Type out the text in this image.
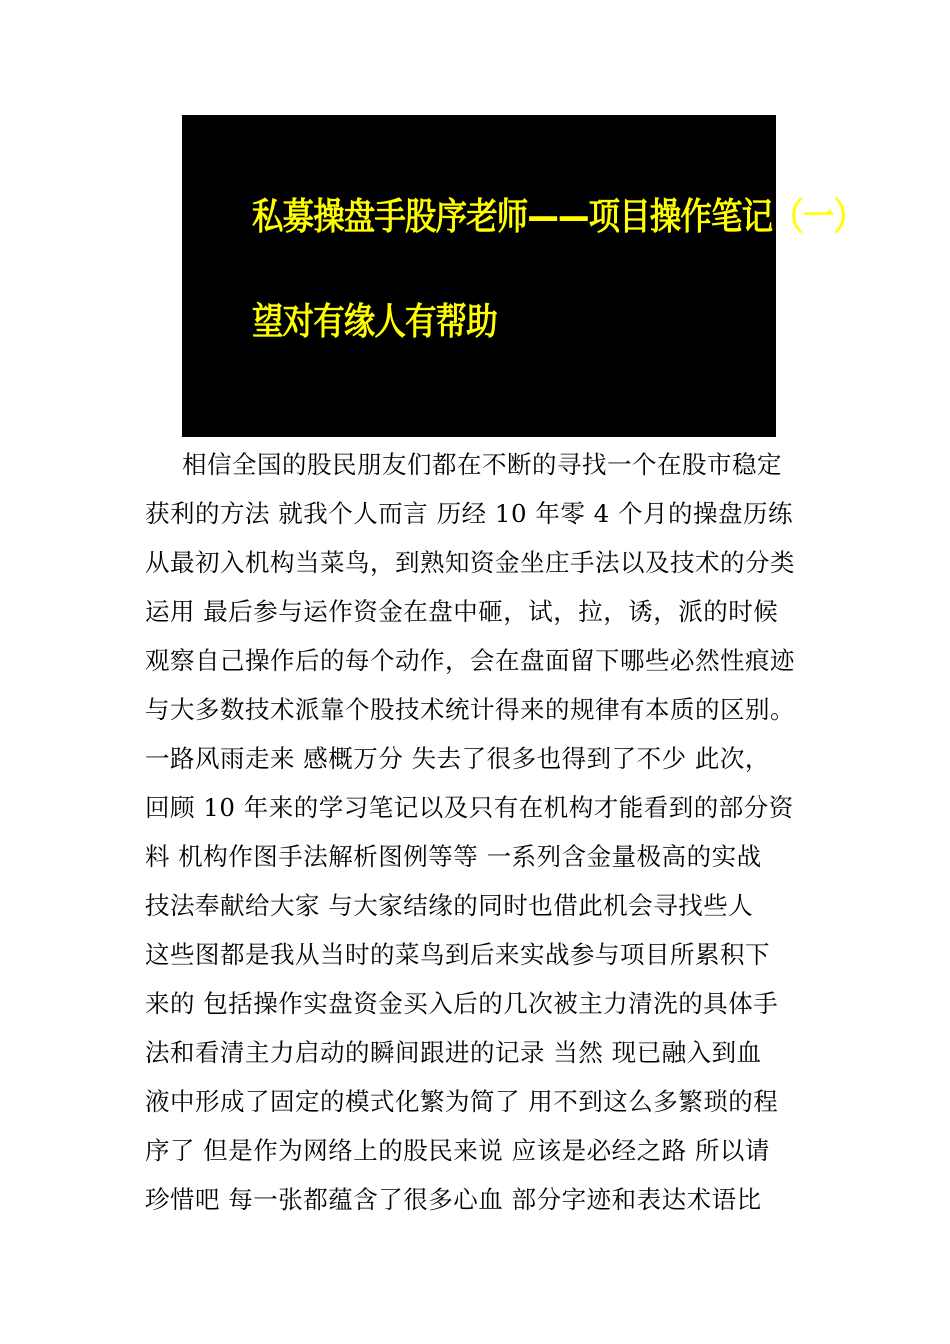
私募操盘手股序老师——项目操作笔记（一）

望对有缘人有帮助

相信全国的股民朋友们都在不断的寻找一个在股市稳定

获利的方法 就我个人而言 历经 10 年零 4 个月的操盘历练

从最初入机构当菜鸟，到熟知资金坐庄手法以及技术的分类

运用 最后参与运作资金在盘中砸，试，拉，诱，派的时候

观察自己操作后的每个动作，会在盘面留下哪些必然性痕迹

与大多数技术派靠个股技术统计得来的规律有本质的区别。

一路风雨走来 感概万分 失去了很多也得到了不少 此次，

回顾 10 年来的学习笔记以及只有在机构才能看到的部分资

料 机构作图手法解析图例等等 一系列含金量极高的实战

技法奉献给大家 与大家结缘的同时也借此机会寻找些人

这些图都是我从当时的菜鸟到后来实战参与项目所累积下

来的 包括操作实盘资金买入后的几次被主力清洗的具体手

法和看清主力启动的瞬间跟进的记录 当然 现已融入到血

液中形成了固定的模式化繁为简了 用不到这么多繁琐的程

序了 但是作为网络上的股民来说 应该是必经之路 所以请

珍惜吧 每一张都蕴含了很多心血 部分字迹和表达术语比
